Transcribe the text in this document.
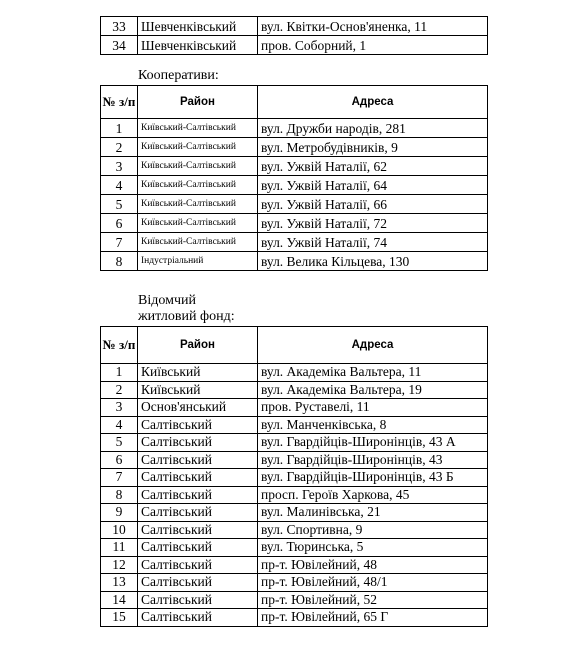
33	Шевченківський	вул. Квітки-Основ'яненка, 11
34	Шевченківський	пров. Соборний, 1

Кооперативи:

№ з/п	Район	Адреса
1	Київський-Салтівський	вул. Дружби народів, 281
2	Київський-Салтівський	вул. Метробудівників, 9
3	Київський-Салтівський	вул. Ужвій Наталії, 62
4	Київський-Салтівський	вул. Ужвій Наталії, 64
5	Київський-Салтівський	вул. Ужвій Наталії, 66
6	Київський-Салтівський	вул. Ужвій Наталії, 72
7	Київський-Салтівський	вул. Ужвій Наталії, 74
8	Індустріальний	вул. Велика Кільцева, 130
Відомчий
житловий фонд:
№ з/п	Район	Адреса
1	Київський	вул. Академіка Вальтера, 11
2	Київський	вул. Академіка Вальтера, 19
3	Основ'янський	пров. Руставелі, 11
4	Салтівський	вул. Манченківська, 8
5	Салтівський	вул. Гвардійців-Широнінців, 43 А
6	Салтівський	вул. Гвардійців-Широнінців, 43
7	Салтівський	вул. Гвардійців-Широнінців, 43 Б
8	Салтівський	просп. Героїв Харкова, 45
9	Салтівський	вул. Малинівська, 21
10	Салтівський	вул. Спортивна, 9
11	Салтівський	вул. Тюринська, 5
12	Салтівський	пр-т. Ювілейний, 48
13	Салтівський	пр-т. Ювілейний, 48/1
14	Салтівський	пр-т. Ювілейний, 52
15	Салтівський	пр-т. Ювілейний, 65 Г
